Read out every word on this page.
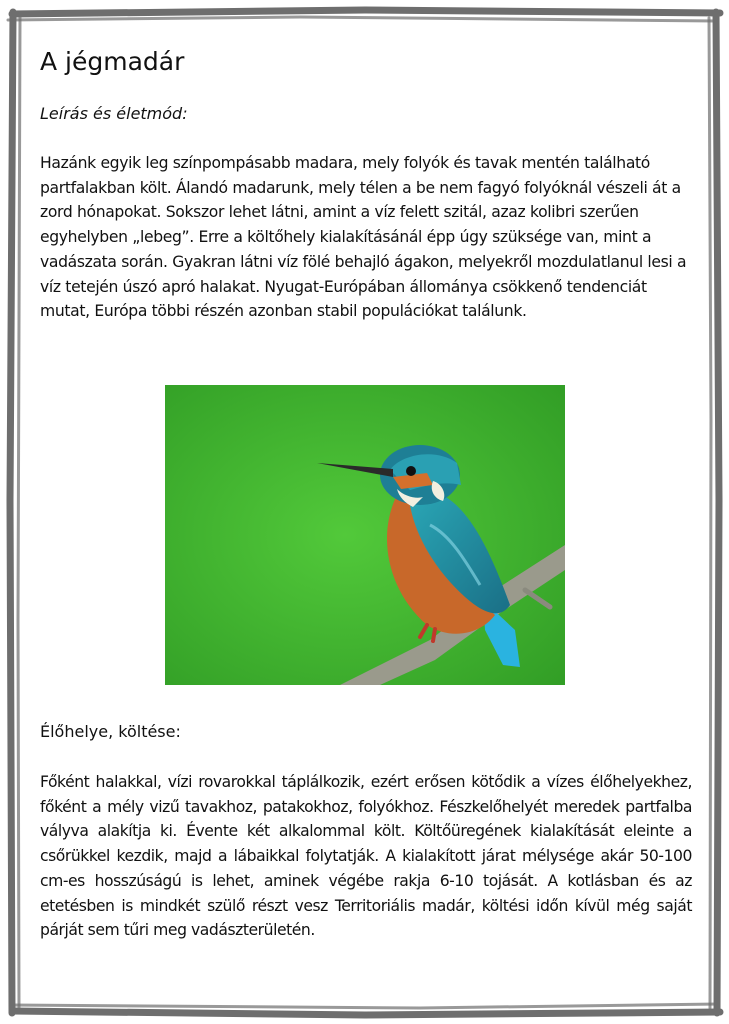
A jégmadár

Leírás és életmód:

Hazánk egyik leg színpompásabb madara, mely folyók és tavak mentén található partfalakban költ. Álandó madarunk, mely télen a be nem fagyó folyóknál vészeli át a zord hónapokat. Sokszor lehet látni, amint a víz felett szitál, azaz kolibri szerűen egyhelyben „lebeg”. Erre a költőhely kialakításánál épp úgy szüksége van, mint a vadászata során. Gyakran látni víz fölé behajló ágakon, melyekről mozdulatlanul lesi a víz tetején úszó apró halakat. Nyugat-Európában állománya csökkenő tendenciát mutat, Európa többi részén azonban stabil populációkat találunk.

Élőhelye, költése:

Főként halakkal, vízi rovarokkal táplálkozik, ezért erősen kötődik a vízes élőhelyekhez, főként a mély vizű tavakhoz, patakokhoz, folyókhoz. Fészkelőhelyét meredek partfalba vályva alakítja ki. Évente két alkalommal költ. Költőüregének kialakítását eleinte a csőrükkel kezdik, majd a lábaikkal folytatják. A kialakított járat mélysége akár 50-100 cm-es hosszúságú is lehet, aminek végébe rakja 6-10 tojását. A kotlásban és az etetésben is mindkét szülő részt vesz Territoriális madár, költési időn kívül még saját párját sem tűri meg vadászterületén.
